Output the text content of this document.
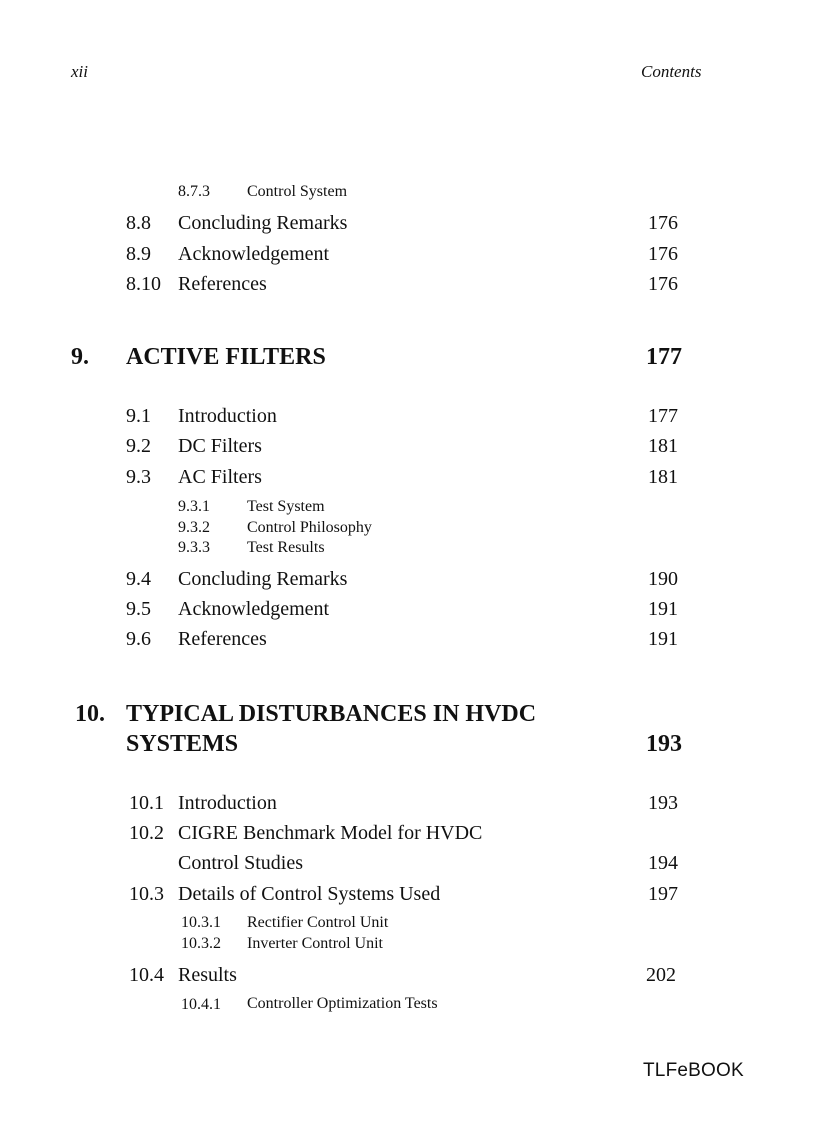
xii	Contents
8.7.3 Control System
8.8 Concluding Remarks	176
8.9 Acknowledgement	176
8.10 References	176
9. ACTIVE FILTERS	177
9.1 Introduction	177
9.2 DC Filters	181
9.3 AC Filters	181
9.3.1 Test System
9.3.2 Control Philosophy
9.3.3 Test Results
9.4 Concluding Remarks	190
9.5 Acknowledgement	191
9.6 References	191
10. TYPICAL DISTURBANCES IN HVDC
SYSTEMS	193
10.1 Introduction	193
10.2 CIGRE Benchmark Model for HVDC
Control Studies	194
10.3 Details of Control Systems Used	197
10.3.1 Rectifier Control Unit
10.3.2 Inverter Control Unit
10.4 Results	202
10.4.1 Controller Optimization Tests
TLFeBOOK
